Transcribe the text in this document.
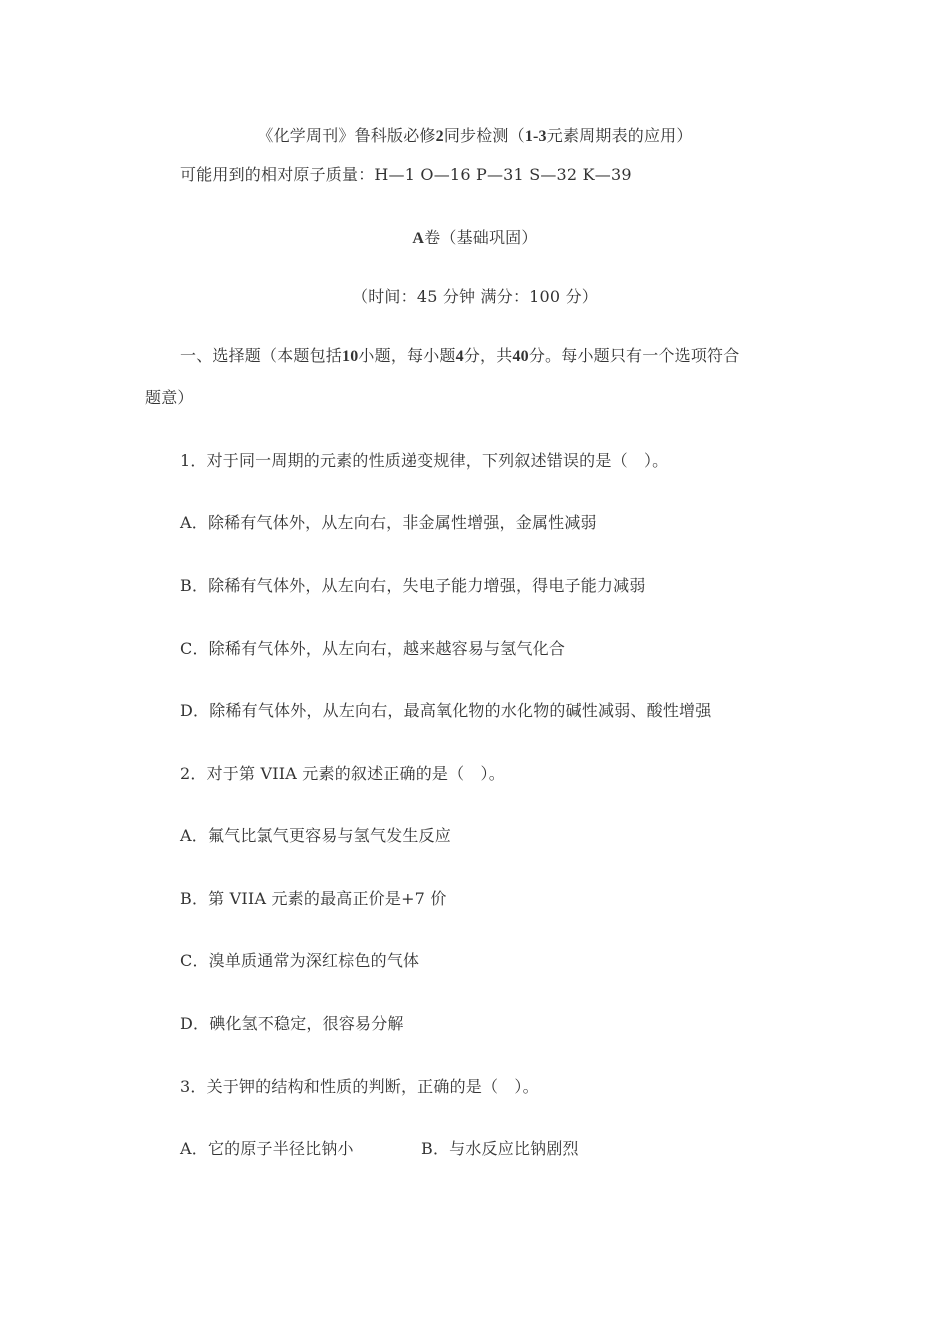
《化学周刊》鲁科版必修2同步检测（1-3元素周期表的应用）
可能用到的相对原子质量：H—1 O—16 P—31 S—32 K—39
A卷（基础巩固）
（时间：45 分钟 满分：100 分）
一、选择题（本题包括10小题，每小题4分，共40分。每小题只有一个选项符合
题意）
1．对于同一周期的元素的性质递变规律，下列叙述错误的是（　）。
A．除稀有气体外，从左向右，非金属性增强，金属性减弱
B．除稀有气体外，从左向右，失电子能力增强，得电子能力减弱
C．除稀有气体外，从左向右，越来越容易与氢气化合
D．除稀有气体外，从左向右，最高氧化物的水化物的碱性减弱、酸性增强
2．对于第 VIIA 元素的叙述正确的是（　）。
A．氟气比氯气更容易与氢气发生反应
B．第 VIIA 元素的最高正价是+7 价
C．溴单质通常为深红棕色的气体
D．碘化氢不稳定，很容易分解
3．关于钾的结构和性质的判断，正确的是（　）。
A．它的原子半径比钠小	B．与水反应比钠剧烈
